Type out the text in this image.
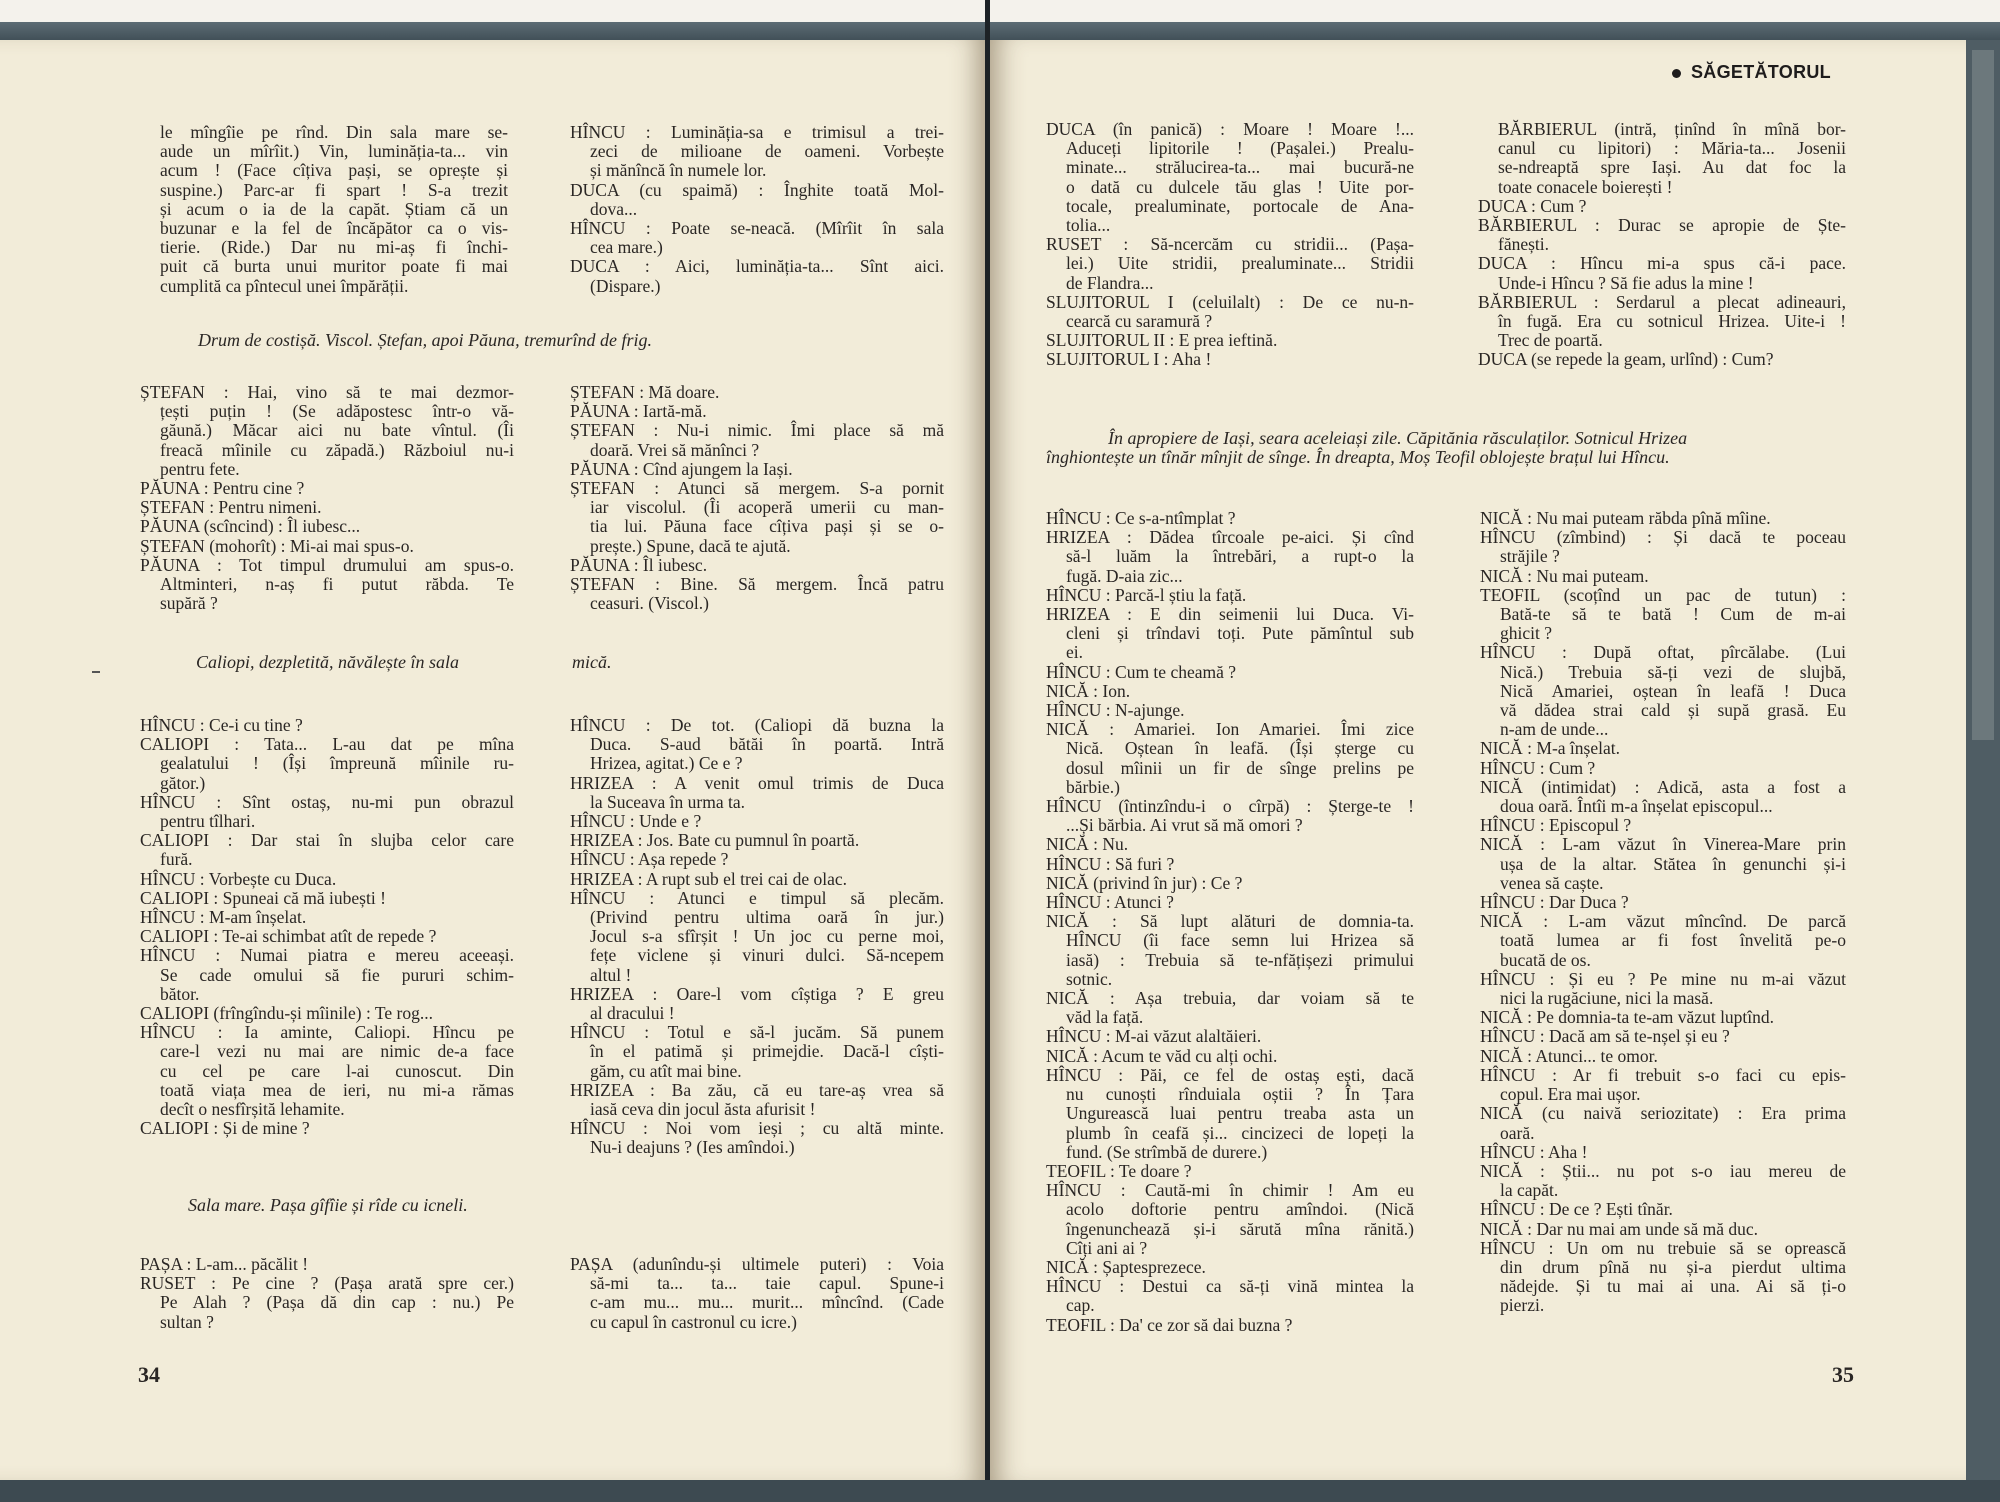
le mîngîie pe rînd. Din sala mare se-
aude un mîrîit.) Vin, luminăția-ta... vin
acum ! (Face cîțiva pași, se oprește și
suspine.) Parc-ar fi spart ! S-a trezit
și acum o ia de la capăt. Știam că un
buzunar e la fel de încăpător ca o vis-
tierie. (Ride.) Dar nu mi-aș fi închi-
puit că burta unui muritor poate fi mai
cumplită ca pîntecul unei împărății.
HÎNCU : Luminăția-sa e trimisul a trei-
zeci de milioane de oameni. Vorbește
și mănîncă în numele lor.
DUCA (cu spaimă) : Înghite toată Mol-
dova...
HÎNCU : Poate se-neacă. (Mîrîit în sala
cea mare.)
DUCA : Aici, luminăția-ta... Sînt aici.
(Dispare.)
Drum de costișă. Viscol. Ștefan, apoi Păuna, tremurînd de frig.
ȘTEFAN : Hai, vino să te mai dezmor-
țești puțin ! (Se adăpostesc într-o vă-
găună.) Măcar aici nu bate vîntul. (Îi
freacă mîinile cu zăpadă.) Războiul nu-i
pentru fete.
PĂUNA : Pentru cine ?
ȘTEFAN : Pentru nimeni.
PĂUNA (scîncind) : Îl iubesc...
ȘTEFAN (mohorît) : Mi-ai mai spus-o.
PĂUNA : Tot timpul drumului am spus-o.
Altminteri, n-aș fi putut răbda. Te
supără ?
ȘTEFAN : Mă doare.
PĂUNA : Iartă-mă.
ȘTEFAN : Nu-i nimic. Îmi place să mă
doară. Vrei să mănînci ?
PĂUNA : Cînd ajungem la Iași.
ȘTEFAN : Atunci să mergem. S-a pornit
iar viscolul. (Îi acoperă umerii cu man-
tia lui. Păuna face cîțiva pași și se o-
prește.) Spune, dacă te ajută.
PĂUNA : Îl iubesc.
ȘTEFAN : Bine. Să mergem. Încă patru
ceasuri. (Viscol.)
Caliopi, dezpletită, năvălește în sala	mică.
HÎNCU : Ce-i cu tine ?
CALIOPI : Tata... L-au dat pe mîna
gealatului ! (Își împreună mîinile ru-
gător.)
HÎNCU : Sînt ostaș, nu-mi pun obrazul
pentru tîlhari.
CALIOPI : Dar stai în slujba celor care
fură.
HÎNCU : Vorbește cu Duca.
CALIOPI : Spuneai că mă iubești !
HÎNCU : M-am înșelat.
CALIOPI : Te-ai schimbat atît de repede ?
HÎNCU : Numai piatra e mereu aceeași.
Se cade omului să fie pururi schim-
bător.
CALIOPI (frîngîndu-și mîinile) : Te rog...
HÎNCU : Ia aminte, Caliopi. Hîncu pe
care-l vezi nu mai are nimic de-a face
cu cel pe care l-ai cunoscut. Din
toată viața mea de ieri, nu mi-a rămas
decît o nesfîrșită lehamite.
CALIOPI : Și de mine ?
HÎNCU : De tot. (Caliopi dă buzna la
Duca. S-aud bătăi în poartă. Intră
Hrizea, agitat.) Ce e ?
HRIZEA : A venit omul trimis de Duca
la Suceava în urma ta.
HÎNCU : Unde e ?
HRIZEA : Jos. Bate cu pumnul în poartă.
HÎNCU : Așa repede ?
HRIZEA : A rupt sub el trei cai de olac.
HÎNCU : Atunci e timpul să plecăm.
(Privind pentru ultima oară în jur.)
Jocul s-a sfîrșit ! Un joc cu perne moi,
fețe viclene și vinuri dulci. Să-ncepem
altul !
HRIZEA : Oare-l vom cîștiga ? E greu
al dracului !
HÎNCU : Totul e să-l jucăm. Să punem
în el patimă și primejdie. Dacă-l cîști-
găm, cu atît mai bine.
HRIZEA : Ba zău, că eu tare-aș vrea să
iasă ceva din jocul ăsta afurisit !
HÎNCU : Noi vom ieși ; cu altă minte.
Nu-i deajuns ? (Ies amîndoi.)
Sala mare. Pașa gîfîie și rîde cu icneli.
PAȘA : L-am... păcălit !
RUSET : Pe cine ? (Pașa arată spre cer.)
Pe Alah ? (Pașa dă din cap : nu.) Pe
sultan ?
PAȘA (adunîndu-și ultimele puteri) : Voia
să-mi ta... ta... taie capul. Spune-i
c-am mu... mu... murit... mîncînd. (Cade
cu capul în castronul cu icre.)
34
DUCA (în panică) : Moare ! Moare !...
Aduceți lipitorile ! (Pașalei.) Prealu-
minate... strălucirea-ta... mai bucură-ne
o dată cu dulcele tău glas ! Uite por-
tocale, prealuminate, portocale de Ana-
tolia...
RUSET : Să-ncercăm cu stridii... (Pașa-
lei.) Uite stridii, prealuminate... Stridii
de Flandra...
SLUJITORUL I (celuilalt) : De ce nu-n-
cearcă cu saramură ?
SLUJITORUL II : E prea ieftină.
SLUJITORUL I : Aha !
BĂRBIERUL (intră, ținînd în mînă bor-
canul cu lipitori) : Măria-ta... Josenii
se-ndreaptă spre Iași. Au dat foc la
toate conacele boierești !
DUCA : Cum ?
BĂRBIERUL : Durac se apropie de Ște-
fănești.
DUCA : Hîncu mi-a spus că-i pace.
Unde-i Hîncu ? Să fie adus la mine !
BĂRBIERUL : Serdarul a plecat adineauri,
în fugă. Era cu sotnicul Hrizea. Uite-i !
Trec de poartă.
DUCA (se repede la geam, urlînd) : Cum?
În apropiere de Iași, seara aceleiași zile. Căpitănia răsculaților. Sotnicul Hrizea
înghiontește un tînăr mînjit de sînge. În dreapta, Moș Teofil oblojește brațul lui Hîncu.
HÎNCU : Ce s-a-ntîmplat ?
HRIZEA : Dădea tîrcoale pe-aici. Și cînd
să-l luăm la întrebări, a rupt-o la
fugă. D-aia zic...
HÎNCU : Parcă-l știu la față.
HRIZEA : E din seimenii lui Duca. Vi-
cleni și trîndavi toți. Pute pămîntul sub
ei.
HÎNCU : Cum te cheamă ?
NICĂ : Ion.
HÎNCU : N-ajunge.
NICĂ : Amariei. Ion Amariei. Îmi zice
Nică. Oștean în leafă. (Își șterge cu
dosul mîinii un fir de sînge prelins pe
bărbie.)
HÎNCU (întinzîndu-i o cîrpă) : Șterge-te !
...Și bărbia. Ai vrut să mă omori ?
NICĂ : Nu.
HÎNCU : Să furi ?
NICĂ (privind în jur) : Ce ?
HÎNCU : Atunci ?
NICĂ : Să lupt alături de domnia-ta.
HÎNCU (îi face semn lui Hrizea să
iasă) : Trebuia să te-nfățișezi primului
sotnic.
NICĂ : Așa trebuia, dar voiam să te
văd la față.
HÎNCU : M-ai văzut alaltăieri.
NICĂ : Acum te văd cu alți ochi.
HÎNCU : Păi, ce fel de ostaș ești, dacă
nu cunoști rînduiala oștii ? În Țara
Ungurească luai pentru treaba asta un
plumb în ceafă și... cincizeci de lopeți la
fund. (Se strîmbă de durere.)
TEOFIL : Te doare ?
HÎNCU : Caută-mi în chimir ! Am eu
acolo doftorie pentru amîndoi. (Nică
îngenunchează și-i sărută mîna rănită.)
Cîți ani ai ?
NICĂ : Șaptesprezece.
HÎNCU : Destui ca să-ți vină mintea la
cap.
TEOFIL : Da' ce zor să dai buzna ?
NICĂ : Nu mai puteam răbda pînă mîine.
HÎNCU (zîmbind) : Și dacă te poceau
străjile ?
NICĂ : Nu mai puteam.
TEOFIL (scoțînd un pac de tutun) :
Bată-te să te bată ! Cum de m-ai
ghicit ?
HÎNCU : După oftat, pîrcălabe. (Lui
Nică.) Trebuia să-ți vezi de slujbă,
Nică Amariei, oștean în leafă ! Duca
vă dădea strai cald și supă grasă. Eu
n-am de unde...
NICĂ : M-a înșelat.
HÎNCU : Cum ?
NICĂ (intimidat) : Adică, asta a fost a
doua oară. Întîi m-a înșelat episcopul...
HÎNCU : Episcopul ?
NICĂ : L-am văzut în Vinerea-Mare prin
ușa de la altar. Stătea în genunchi și-i
venea să caște.
HÎNCU : Dar Duca ?
NICĂ : L-am văzut mîncînd. De parcă
toată lumea ar fi fost învelită pe-o
bucată de os.
HÎNCU : Și eu ? Pe mine nu m-ai văzut
nici la rugăciune, nici la masă.
NICĂ : Pe domnia-ta te-am văzut luptînd.
HÎNCU : Dacă am să te-nșel și eu ?
NICĂ : Atunci... te omor.
HÎNCU : Ar fi trebuit s-o faci cu epis-
copul. Era mai ușor.
NICĂ (cu naivă seriozitate) : Era prima
oară.
HÎNCU : Aha !
NICĂ : Știi... nu pot s-o iau mereu de
la capăt.
HÎNCU : De ce ? Ești tînăr.
NICĂ : Dar nu mai am unde să mă duc.
HÎNCU : Un om nu trebuie să se oprească
din drum pînă nu și-a pierdut ultima
nădejde. Și tu mai ai una. Ai să ți-o
pierzi.
35
SĂGETĂTORUL
